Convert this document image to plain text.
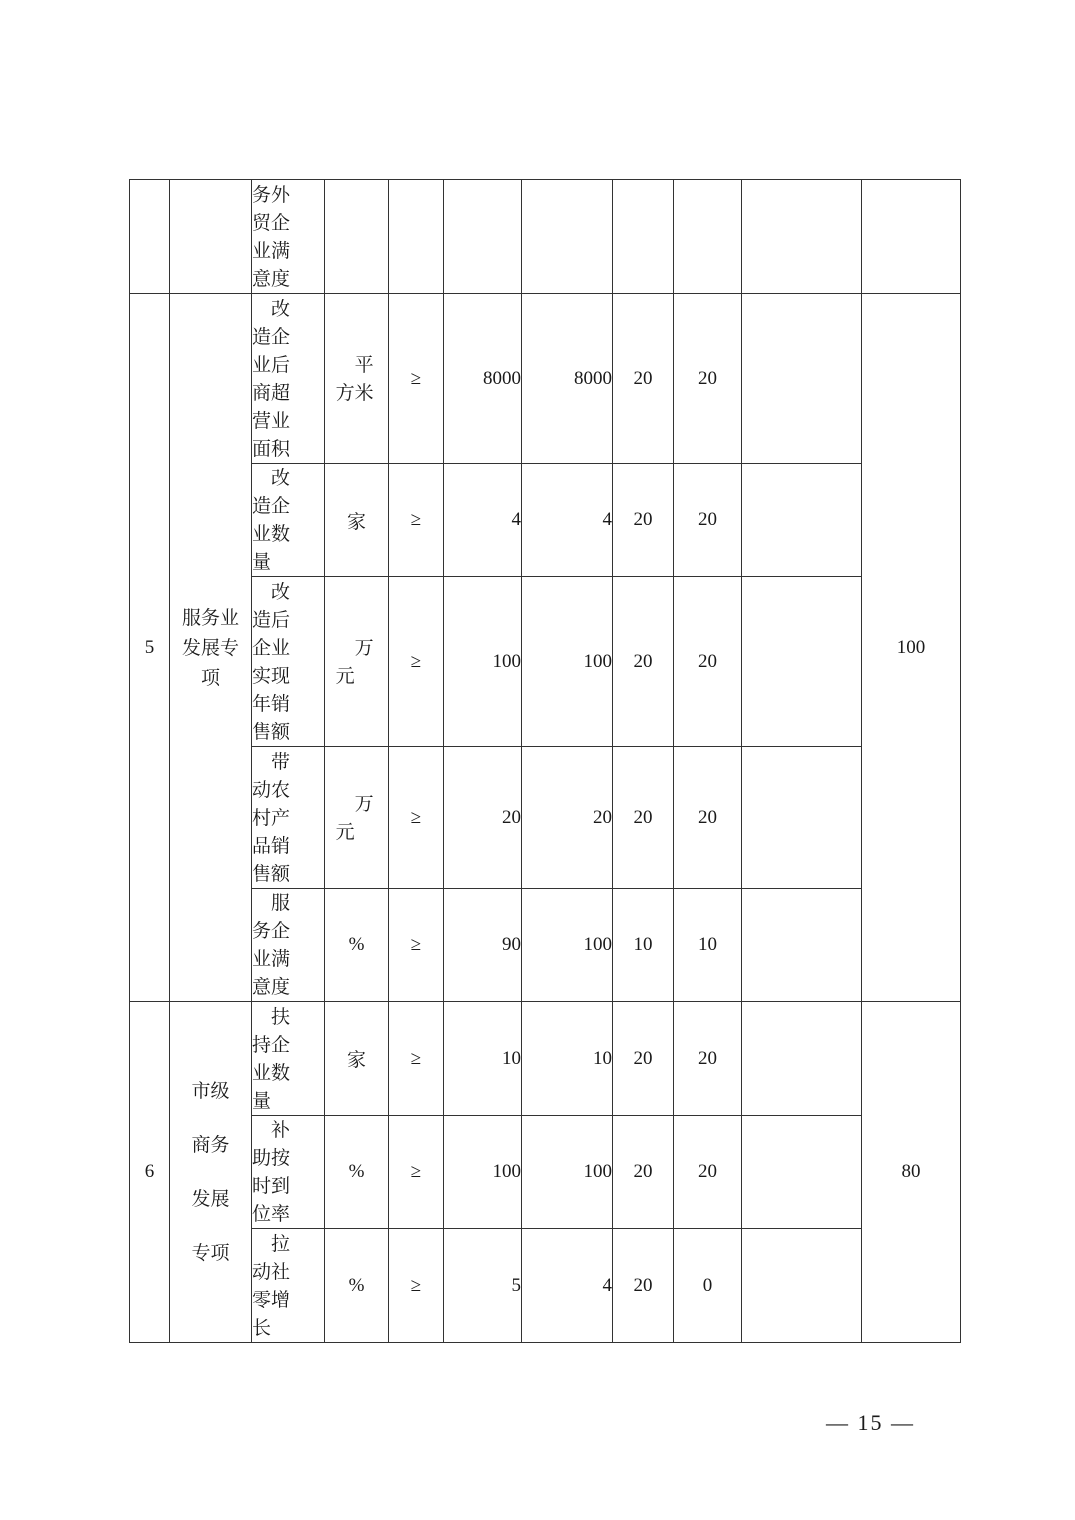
		务外贸企业满意度								

5	服务业发展专项	改造企业后商超营业面积	平方米	≥	8000	8000	20	20		100

		改造企业数量	家	≥	4	4	20	20		

		改造后企业实现年销售额	万元	≥	100	100	20	20		

		带动农村产品销售额	万元	≥	20	20	20	20		

		服务企业满意度	%	≥	90	100	10	10		
6	市级商务发展专项	扶持企业数量	家	≥	10	10	20	20		80

		补助按时到位率	%	≥	100	100	20	20		

		拉动社零增长	%	≥	5	4	20	0		
— 15 —
